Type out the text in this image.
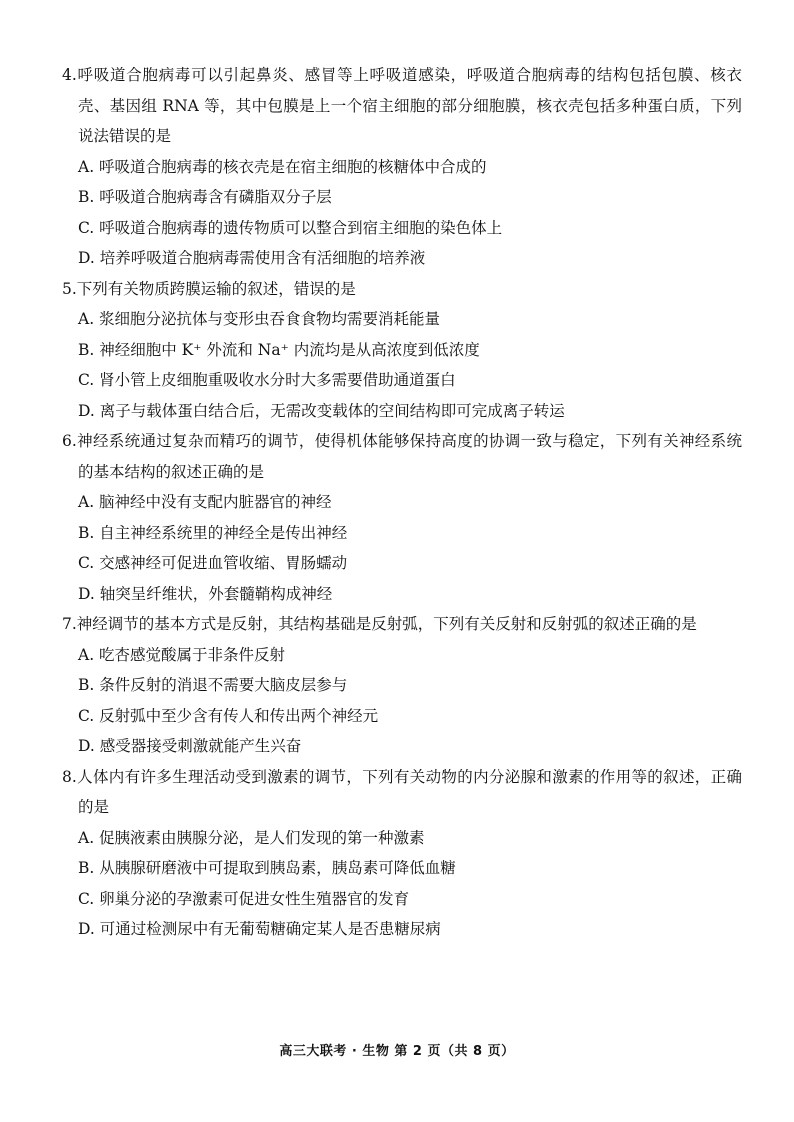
4.呼吸道合胞病毒可以引起鼻炎、感冒等上呼吸道感染，呼吸道合胞病毒的结构包括包膜、核衣壳、基因组 RNA 等，其中包膜是上一个宿主细胞的部分细胞膜，核衣壳包括多种蛋白质，下列说法错误的是

A. 呼吸道合胞病毒的核衣壳是在宿主细胞的核糖体中合成的

B. 呼吸道合胞病毒含有磷脂双分子层

C. 呼吸道合胞病毒的遗传物质可以整合到宿主细胞的染色体上

D. 培养呼吸道合胞病毒需使用含有活细胞的培养液

5.下列有关物质跨膜运输的叙述，错误的是

A. 浆细胞分泌抗体与变形虫吞食食物均需要消耗能量

B. 神经细胞中 K⁺ 外流和 Na⁺ 内流均是从高浓度到低浓度

C. 肾小管上皮细胞重吸收水分时大多需要借助通道蛋白

D. 离子与载体蛋白结合后，无需改变载体的空间结构即可完成离子转运

6.神经系统通过复杂而精巧的调节，使得机体能够保持高度的协调一致与稳定，下列有关神经系统的基本结构的叙述正确的是

A. 脑神经中没有支配内脏器官的神经

B. 自主神经系统里的神经全是传出神经

C. 交感神经可促进血管收缩、胃肠蠕动

D. 轴突呈纤维状，外套髓鞘构成神经

7.神经调节的基本方式是反射，其结构基础是反射弧，下列有关反射和反射弧的叙述正确的是

A. 吃杏感觉酸属于非条件反射

B. 条件反射的消退不需要大脑皮层参与

C. 反射弧中至少含有传人和传出两个神经元

D. 感受器接受刺激就能产生兴奋

8.人体内有许多生理活动受到激素的调节，下列有关动物的内分泌腺和激素的作用等的叙述，正确的是

A. 促胰液素由胰腺分泌，是人们发现的第一种激素

B. 从胰腺研磨液中可提取到胰岛素，胰岛素可降低血糖

C. 卵巢分泌的孕激素可促进女性生殖器官的发育

D. 可通过检测尿中有无葡萄糖确定某人是否患糖尿病

高三大联考 · 生物 第 2 页（共 8 页）
